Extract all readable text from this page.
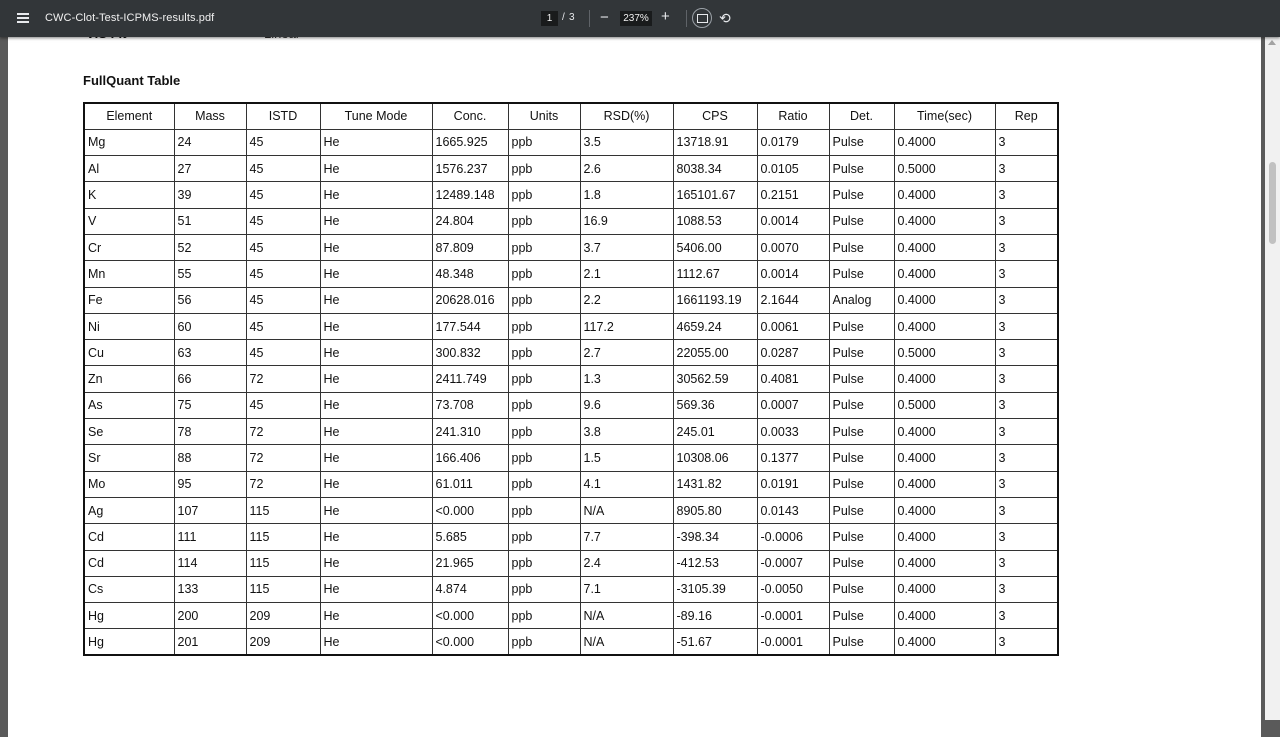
CWC-Clot-Test-ICPMS-results.pdf	1 / 3 −	237% +	⟲
FullQuant Table
Element	Mass	ISTD	Tune Mode	Conc.	Units	RSD(%)	CPS	Ratio	Det.	Time(sec)	Rep
Mg	24	45	He	1665.925	ppb	3.5	13718.91	0.0179	Pulse	0.4000	3
Al	27	45	He	1576.237	ppb	2.6	8038.34	0.0105	Pulse	0.5000	3
K	39	45	He	12489.148	ppb	1.8	165101.67	0.2151	Pulse	0.4000	3
V	51	45	He	24.804	ppb	16.9	1088.53	0.0014	Pulse	0.4000	3
Cr	52	45	He	87.809	ppb	3.7	5406.00	0.0070	Pulse	0.4000	3
Mn	55	45	He	48.348	ppb	2.1	1112.67	0.0014	Pulse	0.4000	3
Fe	56	45	He	20628.016	ppb	2.2	1661193.19	2.1644	Analog	0.4000	3
Ni	60	45	He	177.544	ppb	117.2	4659.24	0.0061	Pulse	0.4000	3
Cu	63	45	He	300.832	ppb	2.7	22055.00	0.0287	Pulse	0.5000	3
Zn	66	72	He	2411.749	ppb	1.3	30562.59	0.4081	Pulse	0.4000	3
As	75	45	He	73.708	ppb	9.6	569.36	0.0007	Pulse	0.5000	3
Se	78	72	He	241.310	ppb	3.8	245.01	0.0033	Pulse	0.4000	3
Sr	88	72	He	166.406	ppb	1.5	10308.06	0.1377	Pulse	0.4000	3
Mo	95	72	He	61.011	ppb	4.1	1431.82	0.0191	Pulse	0.4000	3
Ag	107	115	He	<0.000	ppb	N/A	8905.80	0.0143	Pulse	0.4000	3
Cd	111	115	He	5.685	ppb	7.7	-398.34	-0.0006	Pulse	0.4000	3
Cd	114	115	He	21.965	ppb	2.4	-412.53	-0.0007	Pulse	0.4000	3
Cs	133	115	He	4.874	ppb	7.1	-3105.39	-0.0050	Pulse	0.4000	3
Hg	200	209	He	<0.000	ppb	N/A	-89.16	-0.0001	Pulse	0.4000	3
Hg	201	209	He	<0.000	ppb	N/A	-51.67	-0.0001	Pulse	0.4000	3
